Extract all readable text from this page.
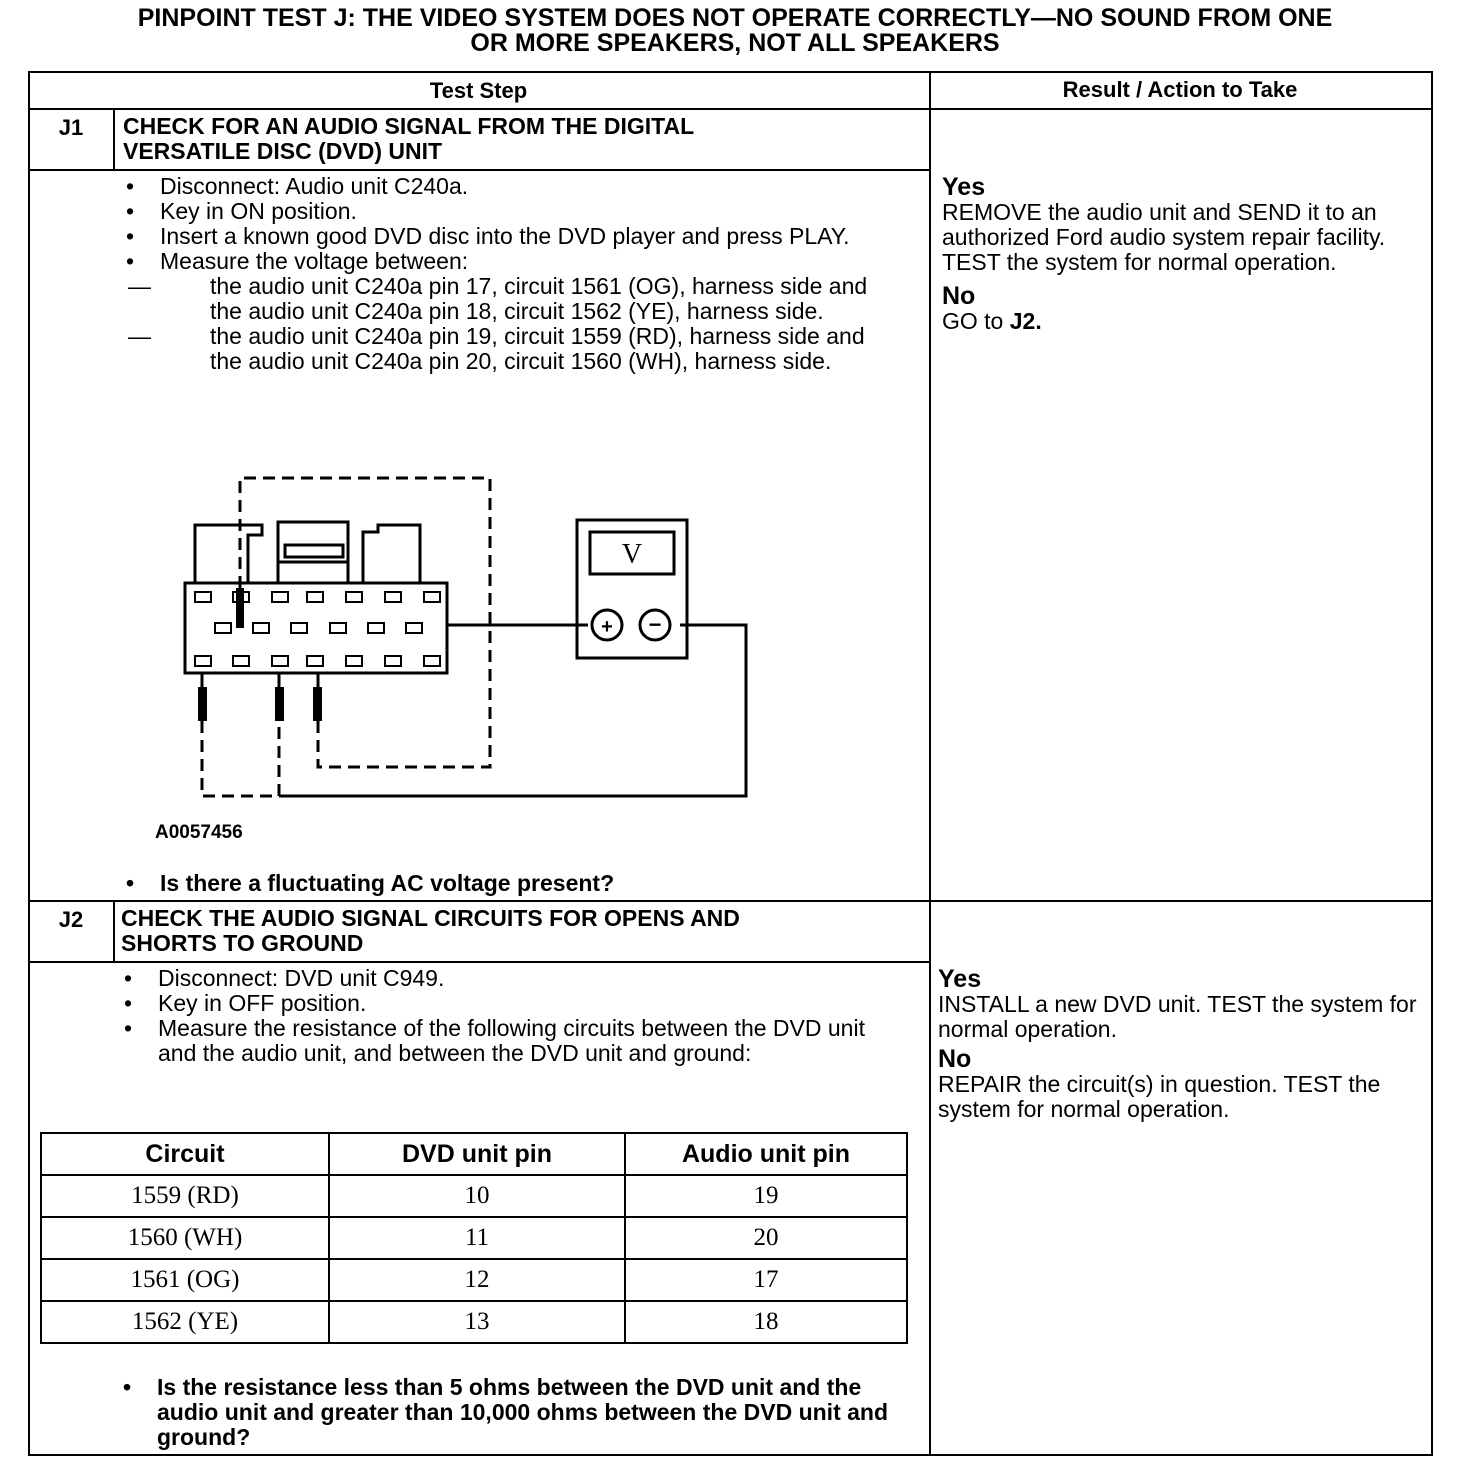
PINPOINT TEST J: THE VIDEO SYSTEM DOES NOT OPERATE CORRECTLY—NO SOUND FROM ONE
OR MORE SPEAKERS, NOT ALL SPEAKERS
Test Step	Result / Action to Take
J1	CHECK FOR AN AUDIO SIGNAL FROM THE DIGITAL
VERSATILE DISC (DVD) UNIT
• Disconnect: Audio unit C240a.
• Key in ON position.
• Insert a known good DVD disc into the DVD player and press PLAY.
• Measure the voltage between:
— the audio unit C240a pin 17, circuit 1561 (OG), harness side and the audio unit C240a pin 18, circuit 1562 (YE), harness side.
— the audio unit C240a pin 19, circuit 1559 (RD), harness side and the audio unit C240a pin 20, circuit 1560 (WH), harness side.
V
+ −
A0057456
• Is there a fluctuating AC voltage present?
Yes
REMOVE the audio unit and SEND it to an authorized Ford audio system repair facility. TEST the system for normal operation.
No
GO to J2.
J2	CHECK THE AUDIO SIGNAL CIRCUITS FOR OPENS AND
SHORTS TO GROUND
• Disconnect: DVD unit C949.
• Key in OFF position.
• Measure the resistance of the following circuits between the DVD unit and the audio unit, and between the DVD unit and ground:
Circuit	DVD unit pin	Audio unit pin
1559 (RD)	10	19
1560 (WH)	11	20
1561 (OG)	12	17
1562 (YE)	13	18
• Is the resistance less than 5 ohms between the DVD unit and the audio unit and greater than 10,000 ohms between the DVD unit and ground?
Yes
INSTALL a new DVD unit. TEST the system for normal operation.
No
REPAIR the circuit(s) in question. TEST the system for normal operation.
